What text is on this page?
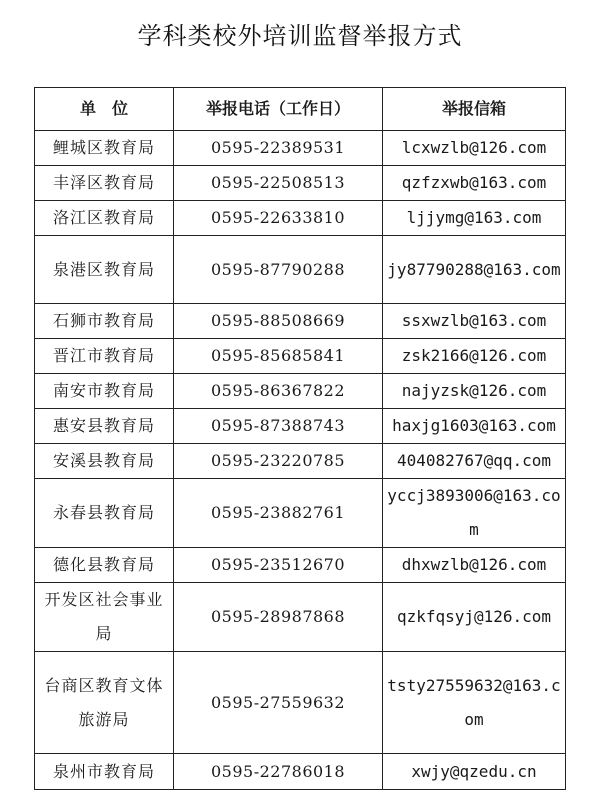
学科类校外培训监督举报方式
单　位	举报电话（工作日）	举报信箱
鲤城区教育局	0595-22389531	lcxwzlb@126.com
丰泽区教育局	0595-22508513	qzfzxwb@163.com
洛江区教育局	0595-22633810	ljjymg@163.com
泉港区教育局	0595-87790288	jy87790288@163.com
石狮市教育局	0595-88508669	ssxwzlb@163.com
晋江市教育局	0595-85685841	zsk2166@126.com
南安市教育局	0595-86367822	najyzsk@126.com
惠安县教育局	0595-87388743	haxjg1603@163.com
安溪县教育局	0595-23220785	404082767@qq.com
永春县教育局	0595-23882761	yccj3893006@163.com
德化县教育局	0595-23512670	dhxwzlb@126.com
开发区社会事业局	0595-28987868	qzkfqsyj@126.com
台商区教育文体旅游局	0595-27559632	tsty27559632@163.com
泉州市教育局	0595-22786018	xwjy@qzedu.cn
